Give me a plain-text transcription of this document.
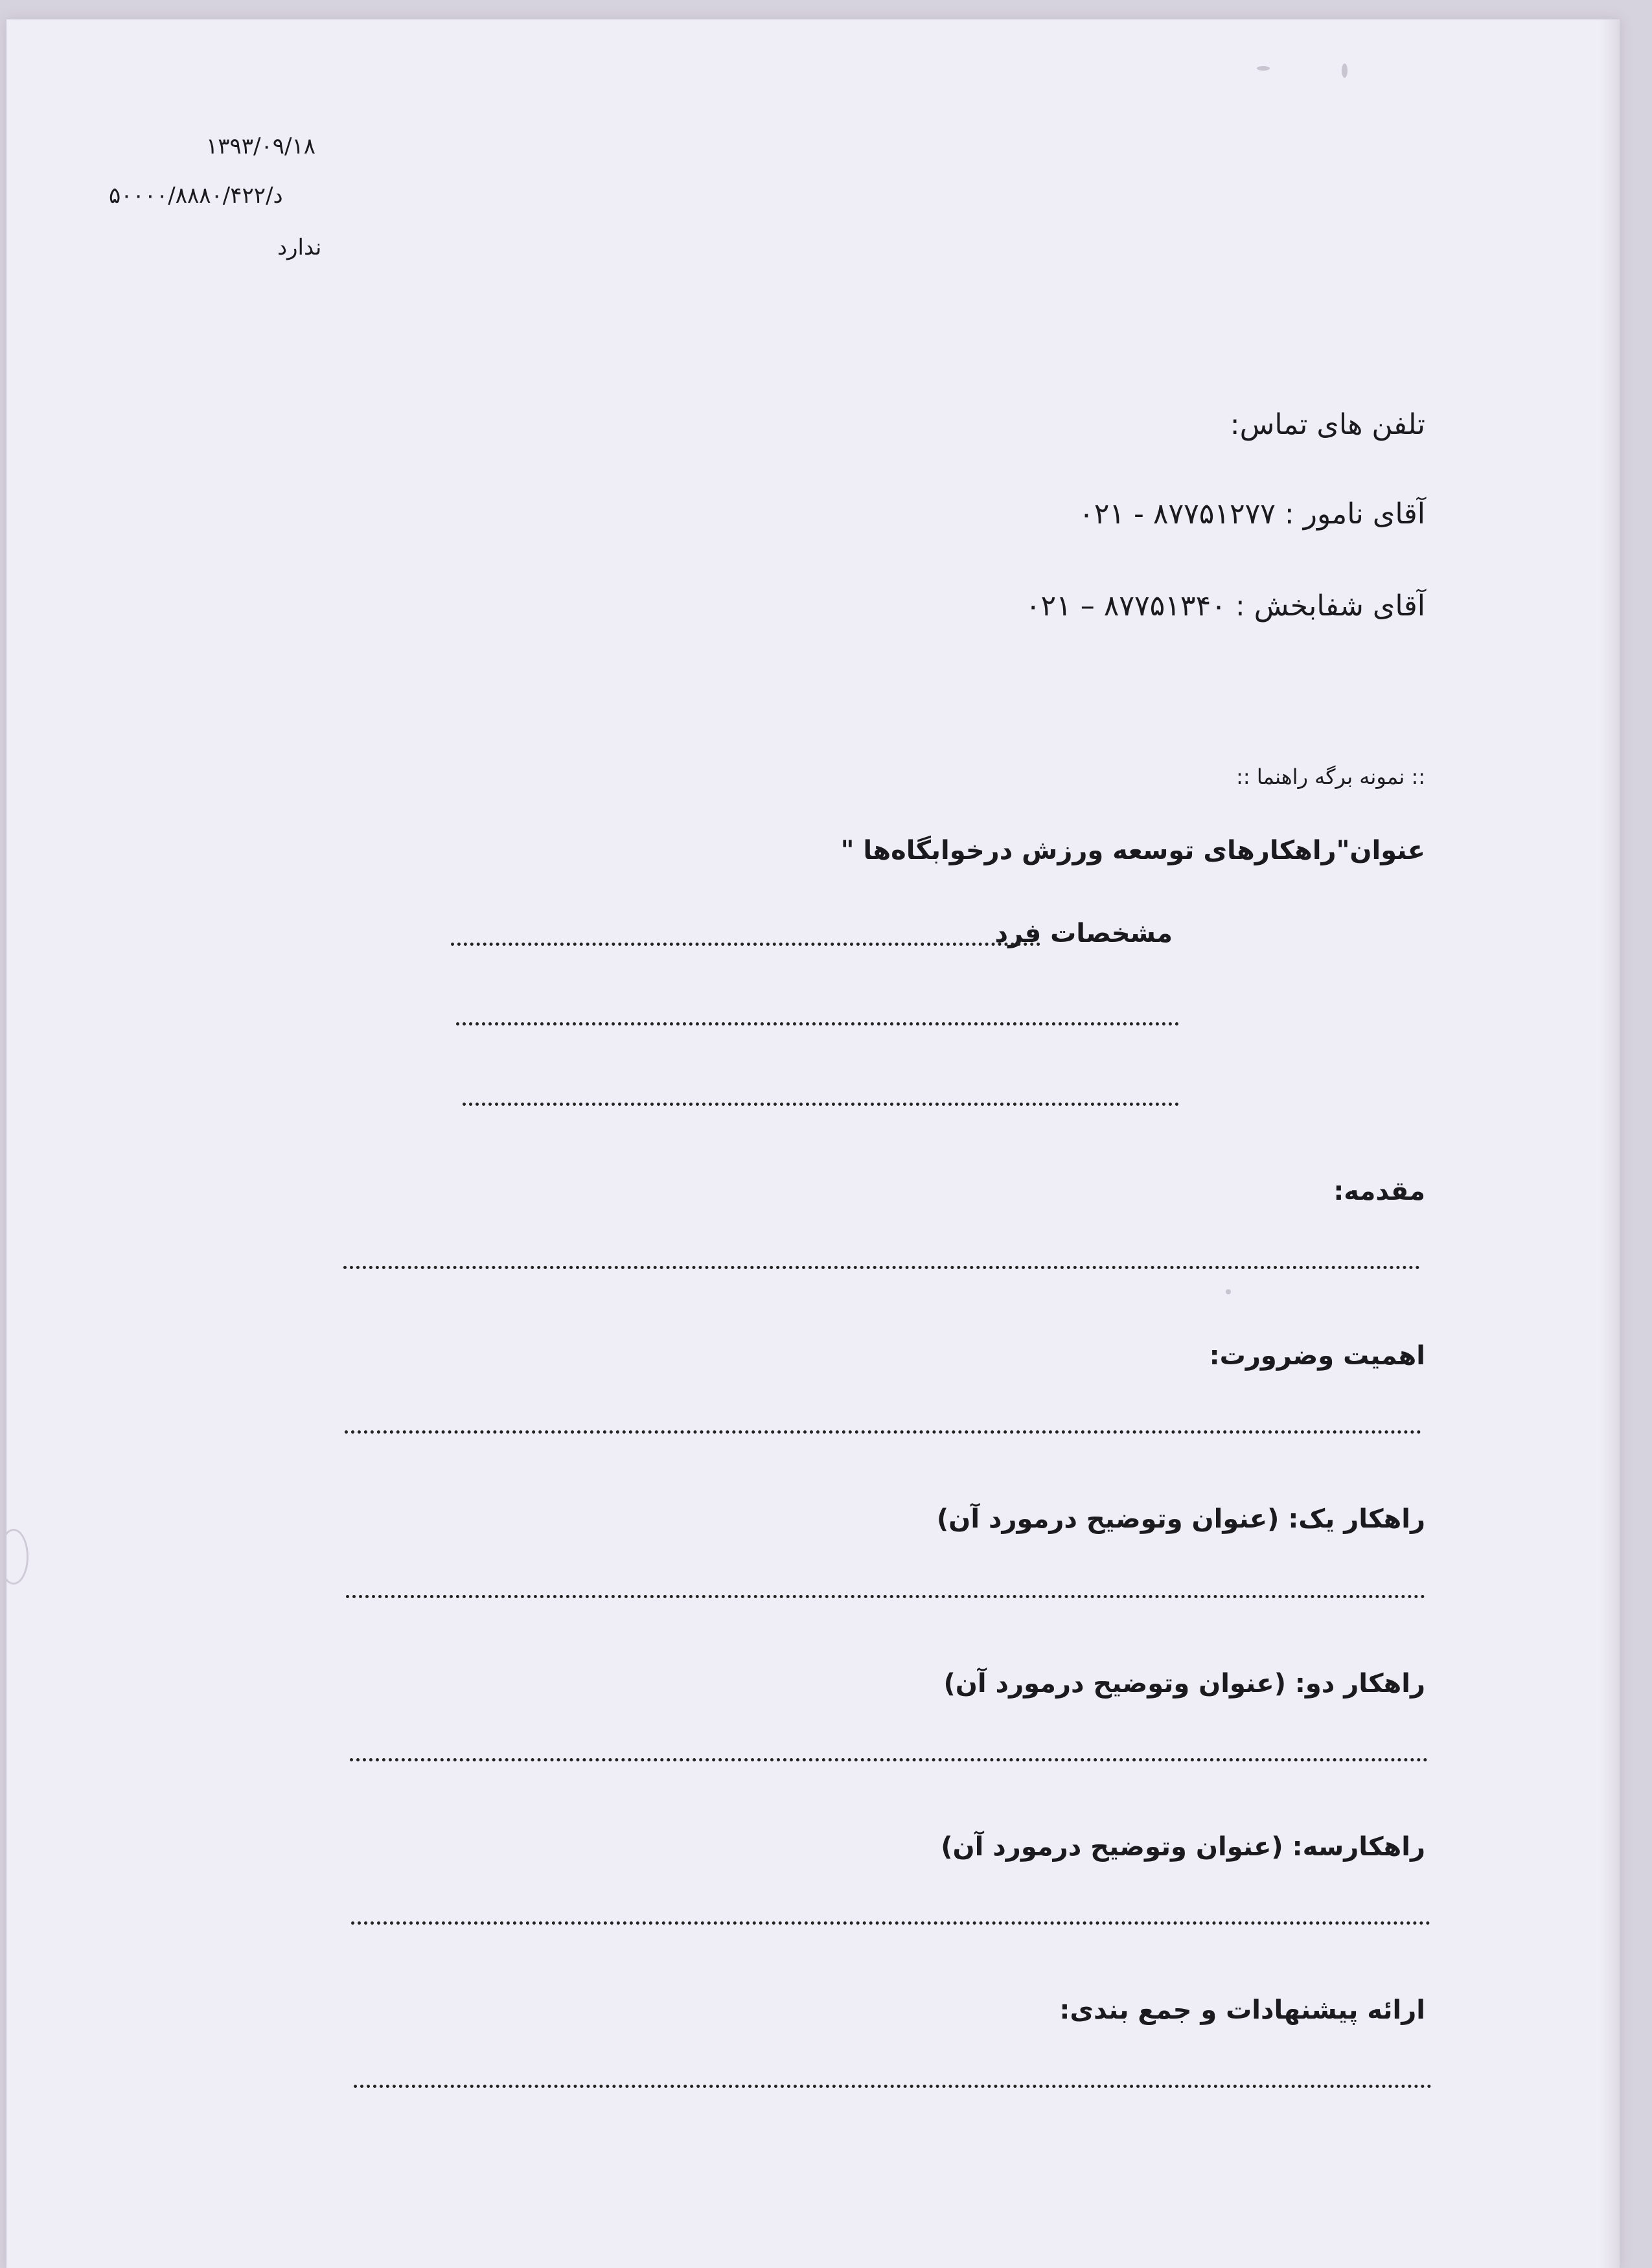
۱۳۹۳/۰۹/۱۸
د/۵۰۰۰۰/۸۸۸۰/۴۲۲
ندارد
تلفن های تماس:
آقای نامور : ۸۷۷۵۱۲۷۷ - ۰۲۱
آقای شفابخش : ۸۷۷۵۱۳۴۰ – ۰۲۱
:: نمونه برگه راهنما ::
عنوان"راهکارهای توسعه ورزش درخوابگاه‌ها "
مشخصات فرد
مقدمه:
اهمیت وضرورت:
راهکار یک: (عنوان وتوضیح درمورد آن)
راهکار دو: (عنوان وتوضیح درمورد آن)
راهکارسه: (عنوان وتوضیح درمورد آن)
ارائه پیشنهادات و جمع بندی:
